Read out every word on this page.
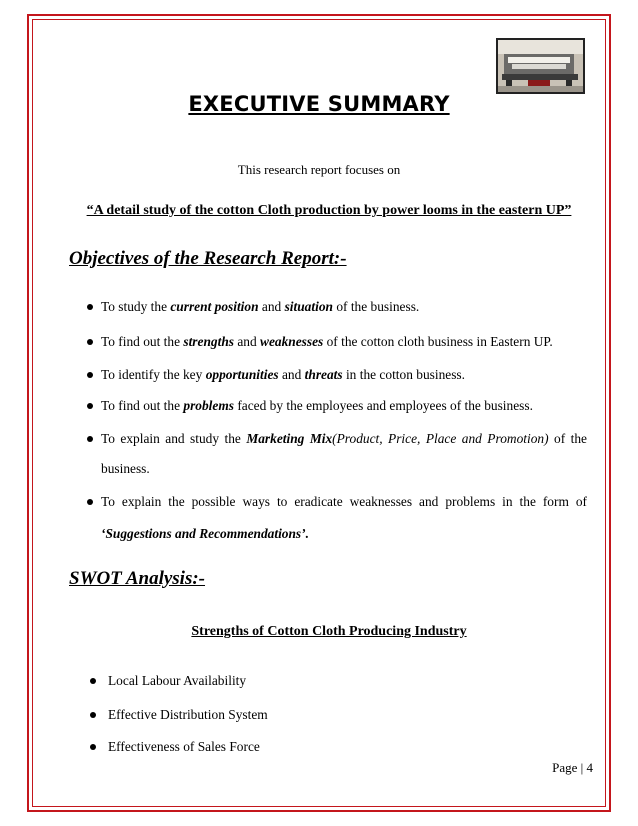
EXECUTIVE SUMMARY
This research report focuses on
“A detail study of the cotton Cloth production by power looms in the eastern UP”
Objectives of the Research Report:-
To study the current position and situation of the business.
To find out the strengths and weaknesses of the cotton cloth business in Eastern UP.
To identify the key opportunities and threats in the cotton business.
To find out the problems faced by the employees and employees of the business.
To explain and study the Marketing Mix(Product, Price, Place and Promotion) of the
business.
To explain the possible ways to eradicate weaknesses and problems in the form of
‘Suggestions and Recommendations’.
SWOT Analysis:-
Strengths of Cotton Cloth Producing Industry
Local Labour Availability
Effective Distribution System
Effectiveness of Sales Force
Page | 4
